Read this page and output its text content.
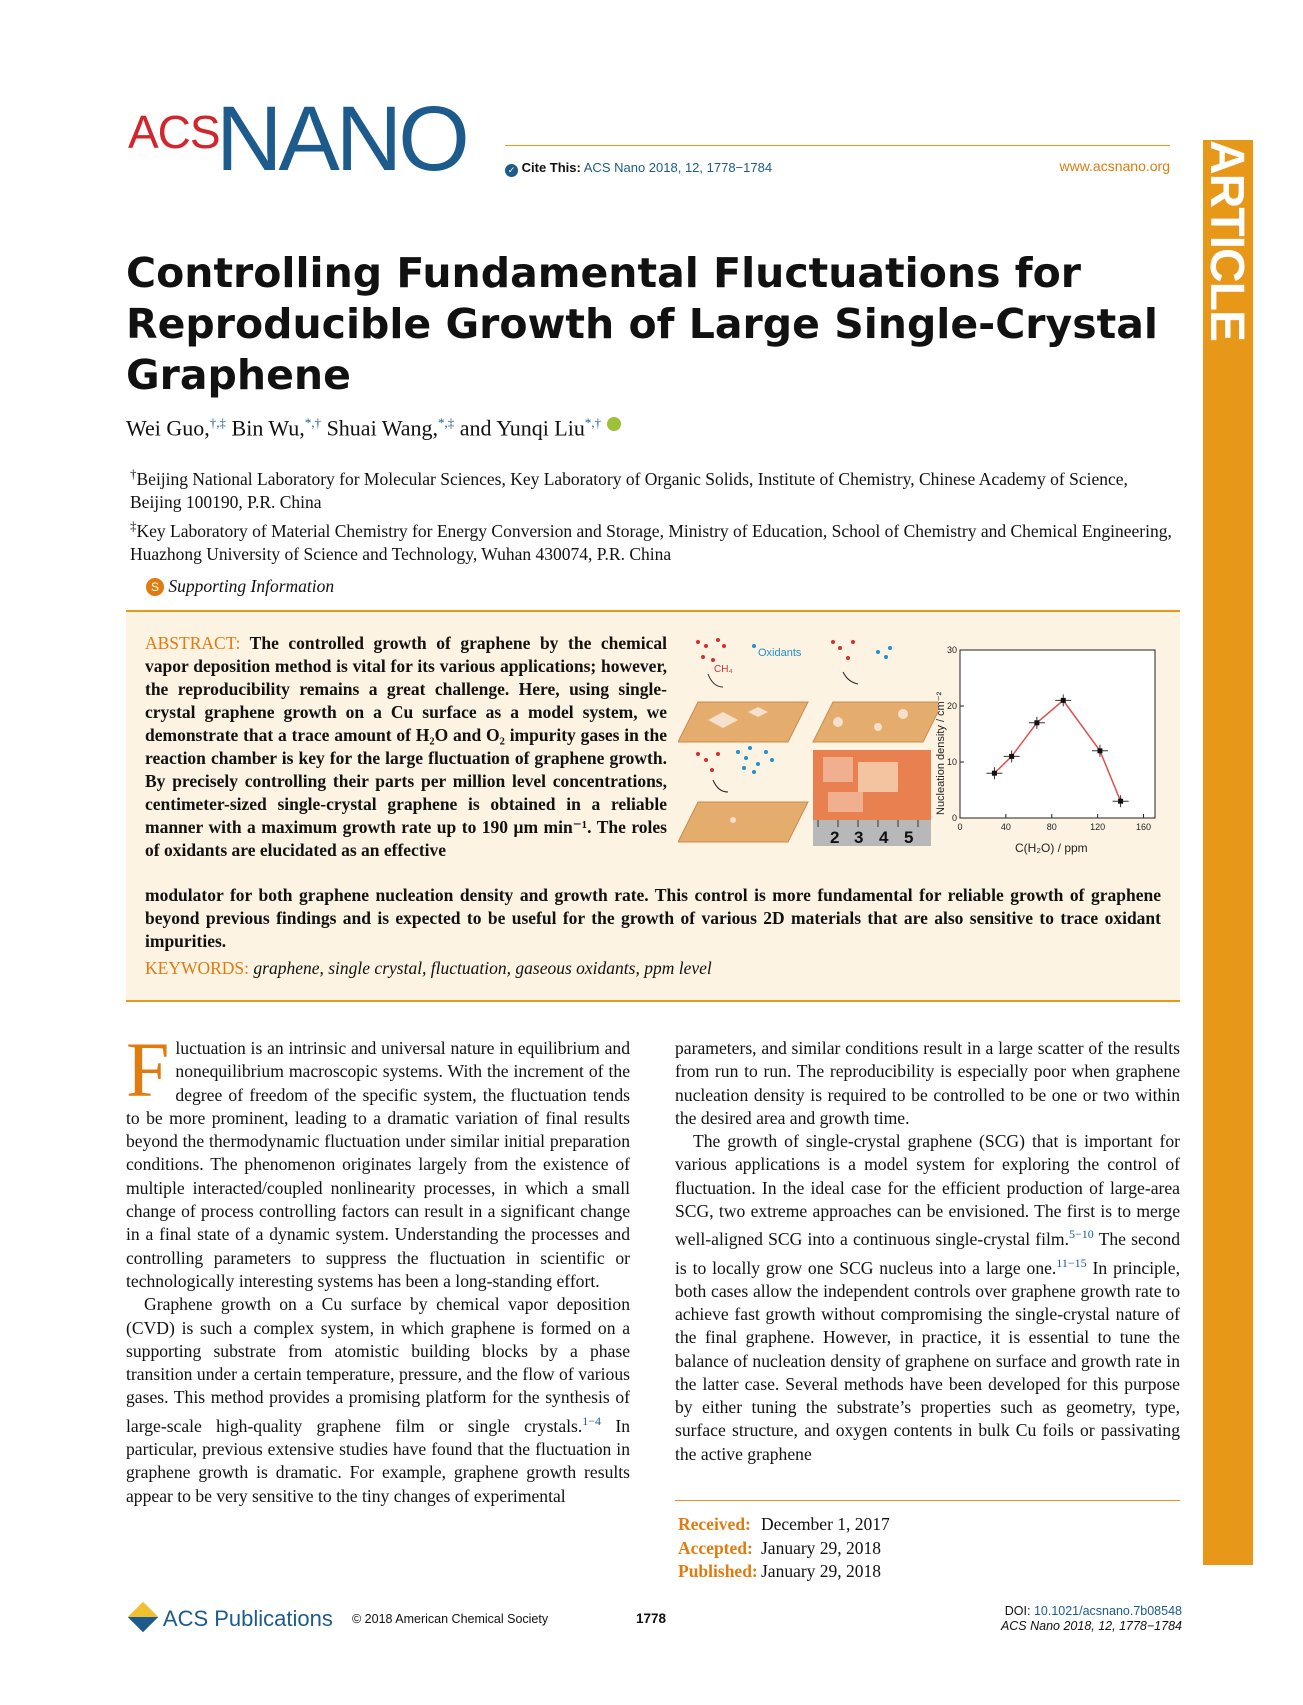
ACS
NANO	✓ Cite This: ACS Nano 2018, 12, 1778−1784	www.acsnano.org ARTICLE
Controlling Fundamental Fluctuations for
Reproducible Growth of Large Single-Crystal
Graphene
Wei Guo,†,‡ Bin Wu,*,† Shuai Wang,*,‡ and Yunqi Liu*,†
†Beijing National Laboratory for Molecular Sciences, Key Laboratory of Organic Solids, Institute of Chemistry, Chinese Academy of Science, Beijing 100190, P.R. China
‡Key Laboratory of Material Chemistry for Energy Conversion and Storage, Ministry of Education, School of Chemistry and Chemical Engineering, Huazhong University of Science and Technology, Wuhan 430074, P.R. China
S Supporting Information
ABSTRACT: The controlled growth of graphene by the chemical vapor deposition method is vital for its various applications; however, the reproducibility remains a great challenge. Here, using single-crystal graphene growth on a Cu surface as a model system, we demonstrate that a trace amount of H₂O and O₂ impurity gases in the reaction chamber is key for the large fluctuation of graphene growth. By precisely controlling their parts per million level concentrations, centimeter-sized single-crystal graphene is obtained in a reliable manner with a maximum growth rate up to 190 μm min⁻¹. The roles of oxidants are elucidated as an effective
modulator for both graphene nucleation density and growth rate. This control is more fundamental for reliable growth of graphene beyond previous findings and is expected to be useful for the growth of various 2D materials that are also sensitive to trace oxidant impurities.
KEYWORDS: graphene, single crystal, fluctuation, gaseous oxidants, ppm level
CH₄
Oxidants
2 3 4 5
Nucleation density / cm⁻²
C(H₂O) / ppm
0	40	80	120	160
0
10
20
30
F luctuation is an intrinsic and universal nature in equilibrium and nonequilibrium macroscopic systems. With the increment of the degree of freedom of the specific system, the fluctuation tends to be more prominent, leading to a dramatic variation of final results beyond the thermodynamic fluctuation under similar initial preparation conditions. The phenomenon originates largely from the existence of multiple interacted/coupled nonlinearity processes, in which a small change of process controlling factors can result in a significant change in a final state of a dynamic system. Understanding the processes and controlling parameters to suppress the fluctuation in scientific or technologically interesting systems has been a long-standing effort.

Graphene growth on a Cu surface by chemical vapor deposition (CVD) is such a complex system, in which graphene is formed on a supporting substrate from atomistic building blocks by a phase transition under a certain temperature, pressure, and the flow of various gases. This method provides a promising platform for the synthesis of large-scale high-quality graphene film or single crystals.$^{1-4}$ In particular, previous extensive studies have found that the fluctuation in graphene growth is dramatic. For example, graphene growth results appear to be very sensitive to the tiny changes of experimental

parameters, and similar conditions result in a large scatter of the results from run to run. The reproducibility is especially poor when graphene nucleation density is required to be controlled to be one or two within the desired area and growth time.

The growth of single-crystal graphene (SCG) that is important for various applications is a model system for exploring the control of fluctuation. In the ideal case for the efficient production of large-area SCG, two extreme approaches can be envisioned. The first is to merge well-aligned SCG into a continuous single-crystal film.$^{5-10}$ The second is to locally grow one SCG nucleus into a large one.$^{11-15}$ In principle, both cases allow the independent controls over graphene growth rate to achieve fast growth without compromising the single-crystal nature of the final graphene. However, in practice, it is essential to tune the balance of nucleation density of graphene on surface and growth rate in the latter case. Several methods have been developed for this purpose by either tuning the substrate’s properties such as geometry, type, surface structure, and oxygen contents in bulk Cu foils or passivating the active graphene

Received: December 1, 2017
Accepted: January 29, 2018
Published: January 29, 2018
ACS Publications © 2018 American Chemical Society	1778	DOI: 10.1021/acsnano.7b08548
ACS Nano 2018, 12, 1778−1784
